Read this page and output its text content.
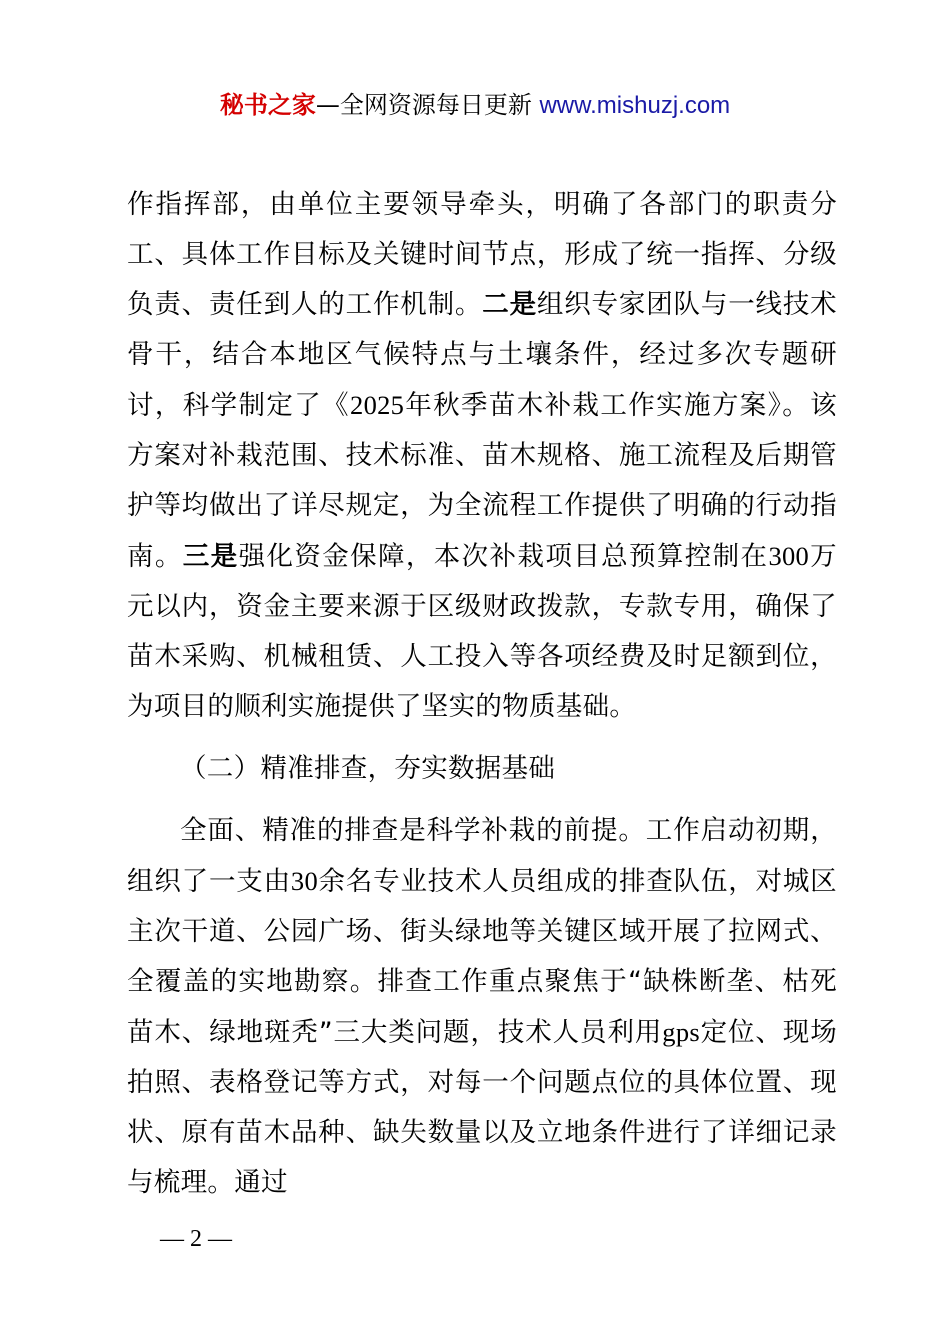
秘书之家—全网资源每日更新 www.mishuzj.com

作指挥部，由单位主要领导牵头，明确了各部门的职责分工、具体工作目标及关键时间节点，形成了统一指挥、分级负责、责任到人的工作机制。二是组织专家团队与一线技术骨干，结合本地区气候特点与土壤条件，经过多次专题研讨，科学制定了《2025年秋季苗木补栽工作实施方案》。该方案对补栽范围、技术标准、苗木规格、施工流程及后期管护等均做出了详尽规定，为全流程工作提供了明确的行动指南。三是强化资金保障，本次补栽项目总预算控制在300万元以内，资金主要来源于区级财政拨款，专款专用，确保了苗木采购、机械租赁、人工投入等各项经费及时足额到位，为项目的顺利实施提供了坚实的物质基础。

（二）精准排查，夯实数据基础

全面、精准的排查是科学补栽的前提。工作启动初期，组织了一支由30余名专业技术人员组成的排查队伍，对城区主次干道、公园广场、街头绿地等关键区域开展了拉网式、全覆盖的实地勘察。排查工作重点聚焦于“缺株断垄、枯死苗木、绿地斑秃”三大类问题，技术人员利用gps定位、现场拍照、表格登记等方式，对每一个问题点位的具体位置、现状、原有苗木品种、缺失数量以及立地条件进行了详细记录与梳理。通过

— 2 —
